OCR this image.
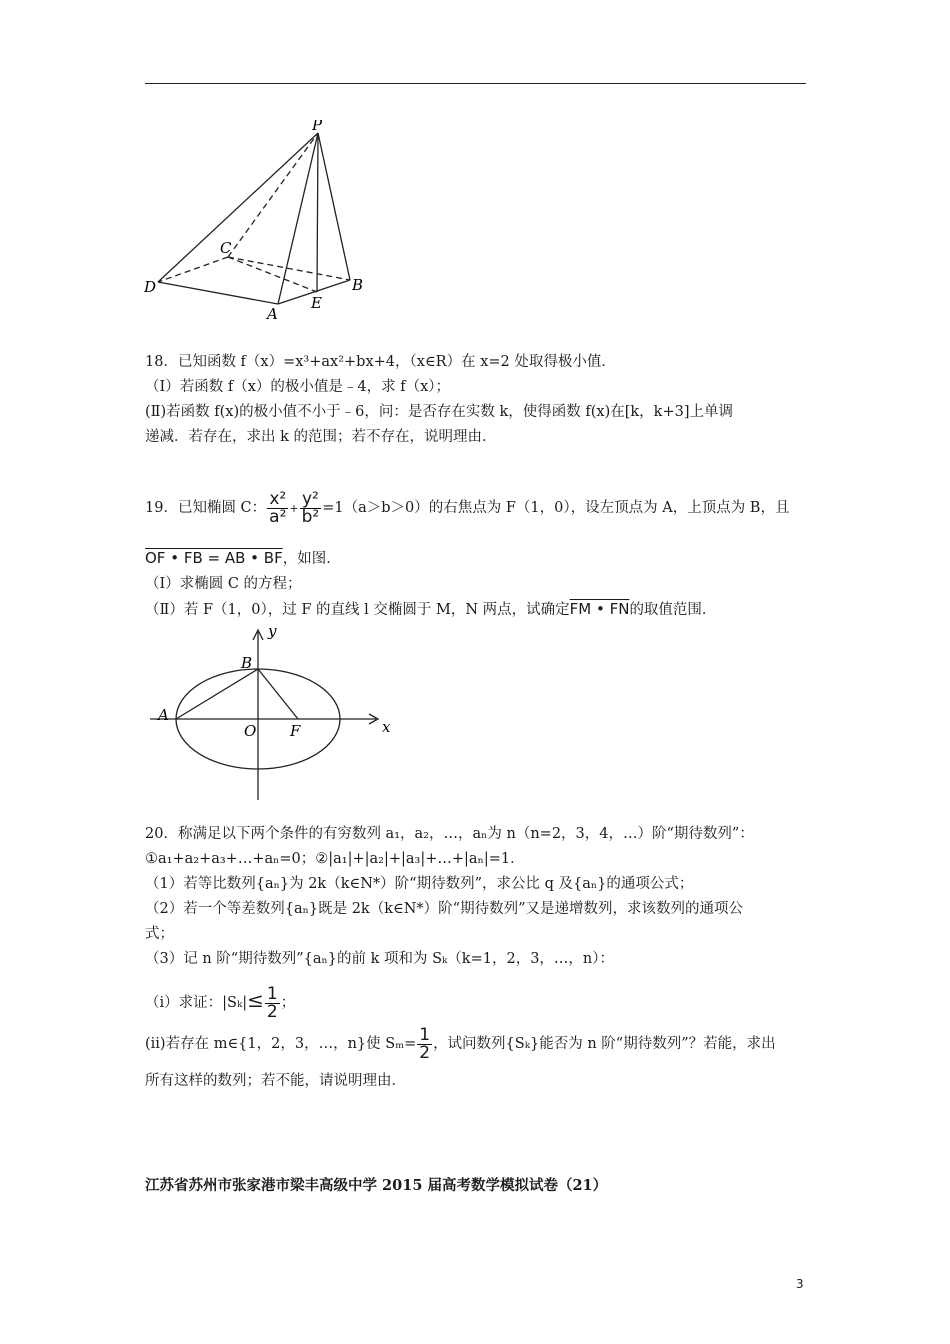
P
C
D	B
A
E
18．已知函数 f（x）=x³+ax²+bx+4，（x∈R）在 x=2 处取得极小值．
（Ⅰ）若函数 f（x）的极小值是﹣4，求 f（x）；
(Ⅱ)若函数 f(x)的极小值不小于﹣6，问：是否存在实数 k，使得函数 f(x)在[k，k+3]上单调
递减．若存在，求出 k 的范围；若不存在，说明理由．
19．已知椭圆 C： $\frac{\text{x²}}{\text{a²}} + \frac{\text{y²}}{\text{b²}} =1(a>b>0)$的右焦点为 F（1，0），设左顶点为 A，上顶点为 B，且
OF • FB = AB • BF，如图．
（Ⅰ）求椭圆 C 的方程；
（Ⅱ）若 F（1，0），过 F 的直线 l 交椭圆于 M，N 两点，试确定FM • FN的取值范围．
y
B
A
O F	x
20．称满足以下两个条件的有穷数列 a₁，a₂，…，aₙ为 n（n=2，3，4，…）阶“期待数列”：
①a₁+a₂+a₃+…+aₙ=0；②|a₁|+|a₂|+|a₃|+…+|aₙ|=1．
（1）若等比数列{aₙ}为 2k（k∈N*）阶“期待数列”，求公比 q 及{aₙ}的通项公式；
（2）若一个等差数列{aₙ}既是 2k（k∈N*）阶“期待数列”又是递增数列，求该数列的通项公
式；
（3）记 n 阶“期待数列”{aₙ}的前 k 项和为 Sₖ（k=1，2，3，…，n）：
（i）求证：$|S_k|\le \frac{1}{2}$ ；
(ii)若存在 m∈{1，2，3，…，n}使 $S_m= \frac{1}{2}$ ，试问数列{Sₖ}能否为 n 阶“期待数列”？若能，求出
所有这样的数列；若不能，请说明理由．
江苏省苏州市张家港市梁丰高级中学 2015 届高考数学模拟试卷（21）
3
